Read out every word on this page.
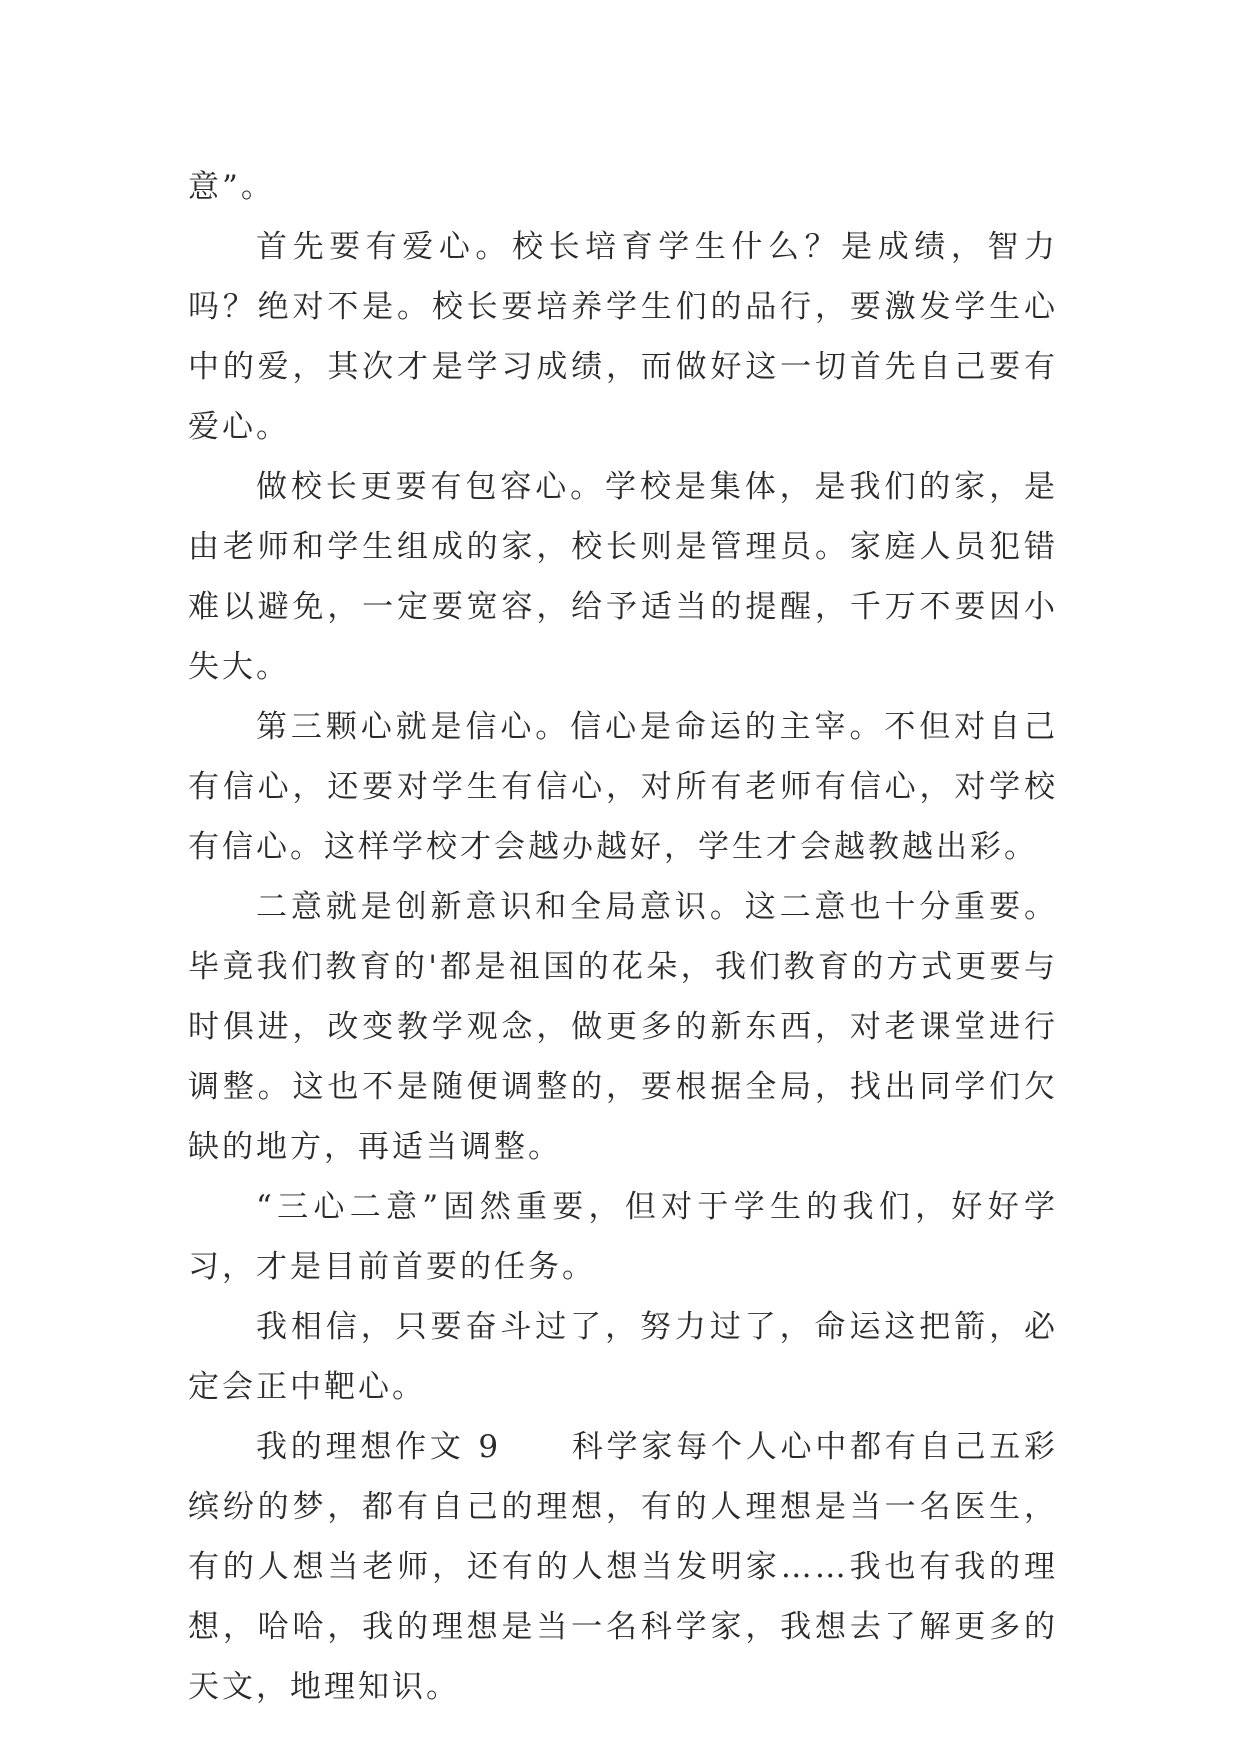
意”。

首先要有爱心。校长培育学生什么？是成绩，智力吗？绝对不是。校长要培养学生们的品行，要激发学生心中的爱，其次才是学习成绩，而做好这一切首先自己要有爱心。

做校长更要有包容心。学校是集体，是我们的家，是由老师和学生组成的家，校长则是管理员。家庭人员犯错难以避免，一定要宽容，给予适当的提醒，千万不要因小失大。

第三颗心就是信心。信心是命运的主宰。不但对自己有信心，还要对学生有信心，对所有老师有信心，对学校有信心。这样学校才会越办越好，学生才会越教越出彩。

二意就是创新意识和全局意识。这二意也十分重要。毕竟我们教育的'都是祖国的花朵，我们教育的方式更要与时俱进，改变教学观念，做更多的新东西，对老课堂进行调整。这也不是随便调整的，要根据全局，找出同学们欠缺的地方，再适当调整。

“三心二意”固然重要，但对于学生的我们，好好学习，才是目前首要的任务。

我相信，只要奋斗过了，努力过了，命运这把箭，必定会正中靶心。

我的理想作文 9 科学家每个人心中都有自己五彩缤纷的梦，都有自己的理想，有的人理想是当一名医生，有的人想当老师，还有的人想当发明家……我也有我的理想，哈哈，我的理想是当一名科学家，我想去了解更多的天文，地理知识。
